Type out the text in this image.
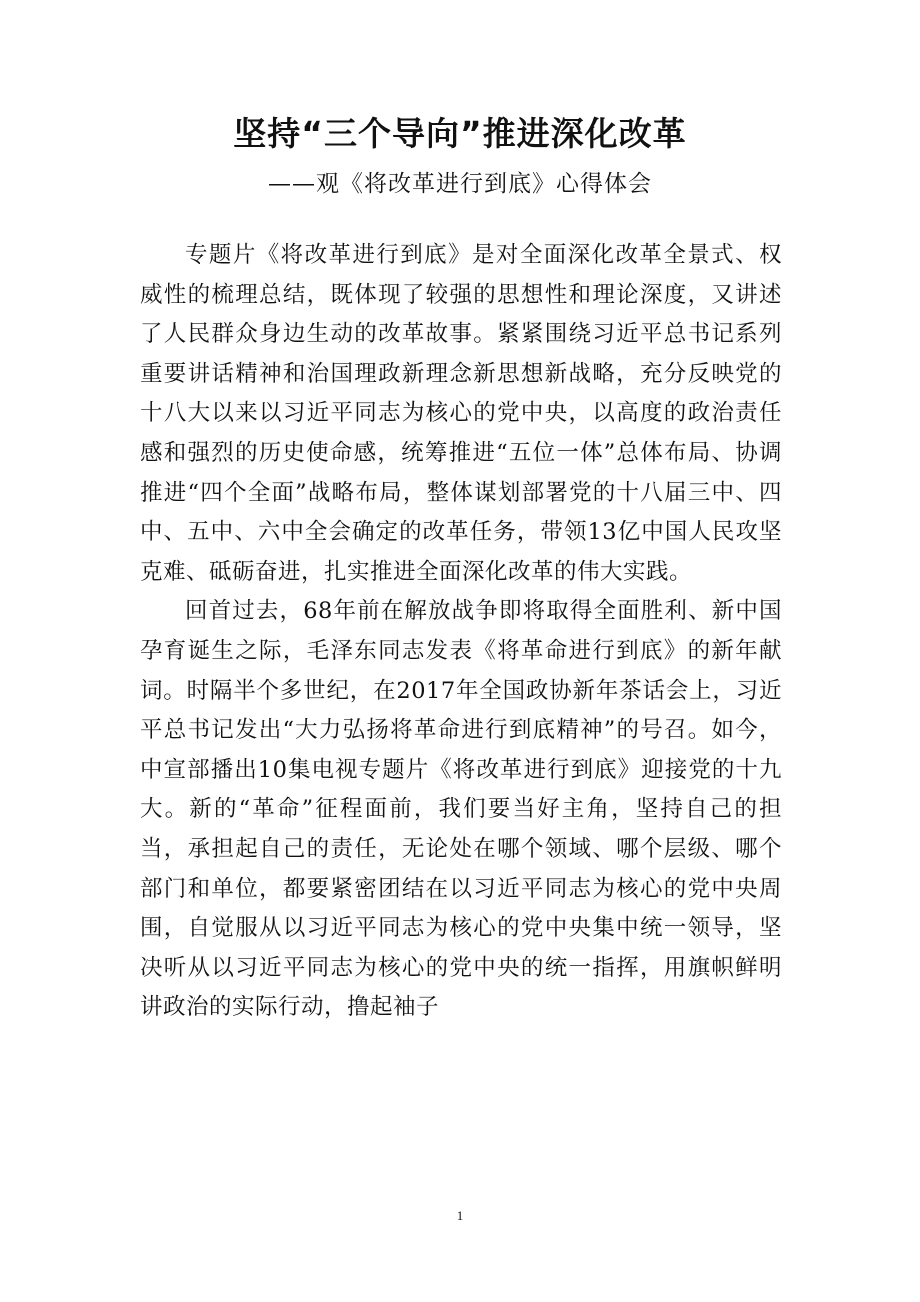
坚持“三个导向”推进深化改革
——观《将改革进行到底》心得体会

专题片《将改革进行到底》是对全面深化改革全景式、权威性的梳理总结，既体现了较强的思想性和理论深度，又讲述了人民群众身边生动的改革故事。紧紧围绕习近平总书记系列重要讲话精神和治国理政新理念新思想新战略，充分反映党的十八大以来以习近平同志为核心的党中央，以高度的政治责任感和强烈的历史使命感，统筹推进“五位一体”总体布局、协调推进“四个全面”战略布局，整体谋划部署党的十八届三中、四中、五中、六中全会确定的改革任务，带领13亿中国人民攻坚克难、砥砺奋进，扎实推进全面深化改革的伟大实践。

回首过去，68年前在解放战争即将取得全面胜利、新中国孕育诞生之际，毛泽东同志发表《将革命进行到底》的新年献词。时隔半个多世纪，在2017年全国政协新年茶话会上，习近平总书记发出“大力弘扬将革命进行到底精神”的号召。如今，中宣部播出10集电视专题片《将改革进行到底》迎接党的十九大。新的“革命”征程面前，我们要当好主角，坚持自己的担当，承担起自己的责任，无论处在哪个领域、哪个层级、哪个部门和单位，都要紧密团结在以习近平同志为核心的党中央周围，自觉服从以习近平同志为核心的党中央集中统一领导，坚决听从以习近平同志为核心的党中央的统一指挥，用旗帜鲜明讲政治的实际行动，撸起袖子

1
